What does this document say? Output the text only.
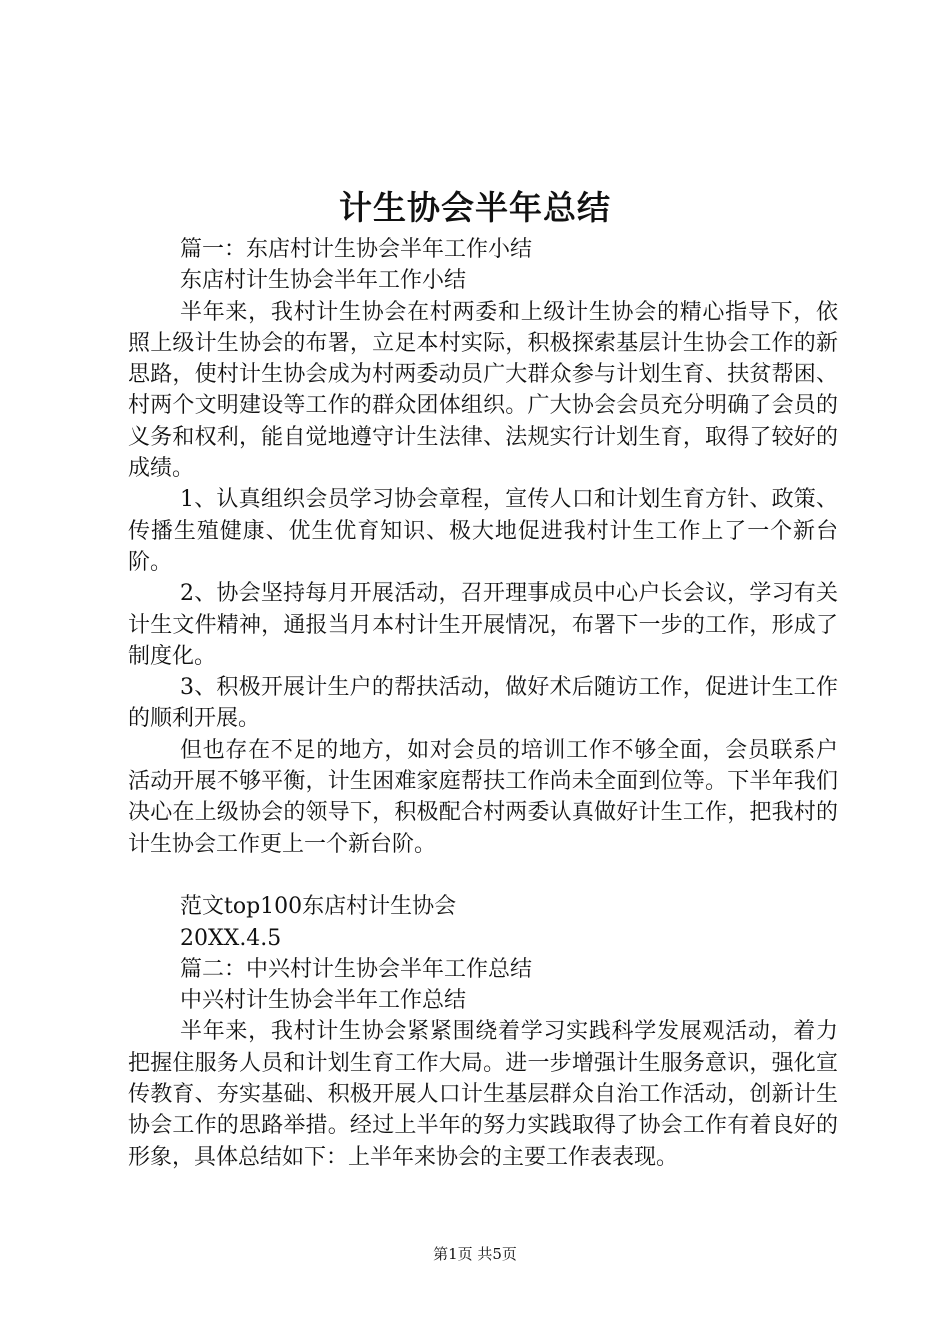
计生协会半年总结
篇一：东店村计生协会半年工作小结
东店村计生协会半年工作小结

半年来，我村计生协会在村两委和上级计生协会的精心指导下，依照上级计生协会的布署，立足本村实际，积极探索基层计生协会工作的新思路，使村计生协会成为村两委动员广大群众参与计划生育、扶贫帮困、村两个文明建设等工作的群众团体组织。广大协会会员充分明确了会员的义务和权利，能自觉地遵守计生法律、法规实行计划生育，取得了较好的成绩。

1、认真组织会员学习协会章程，宣传人口和计划生育方针、政策、传播生殖健康、优生优育知识、极大地促进我村计生工作上了一个新台阶。

2、协会坚持每月开展活动，召开理事成员中心户长会议，学习有关计生文件精神，通报当月本村计生开展情况，布署下一步的工作，形成了制度化。

3、积极开展计生户的帮扶活动，做好术后随访工作，促进计生工作的顺利开展。

但也存在不足的地方，如对会员的培训工作不够全面，会员联系户活动开展不够平衡，计生困难家庭帮扶工作尚未全面到位等。下半年我们决心在上级协会的领导下，积极配合村两委认真做好计生工作，把我村的计生协会工作更上一个新台阶。

范文top100东店村计生协会
20XX.4.5
篇二：中兴村计生协会半年工作总结
中兴村计生协会半年工作总结

半年来，我村计生协会紧紧围绕着学习实践科学发展观活动，着力把握住服务人员和计划生育工作大局。进一步增强计生服务意识，强化宣传教育、夯实基础、积极开展人口计生基层群众自治工作活动，创新计生协会工作的思路举措。经过上半年的努力实践取得了协会工作有着良好的形象，具体总结如下：上半年来协会的主要工作表表现。

第1页 共5页
